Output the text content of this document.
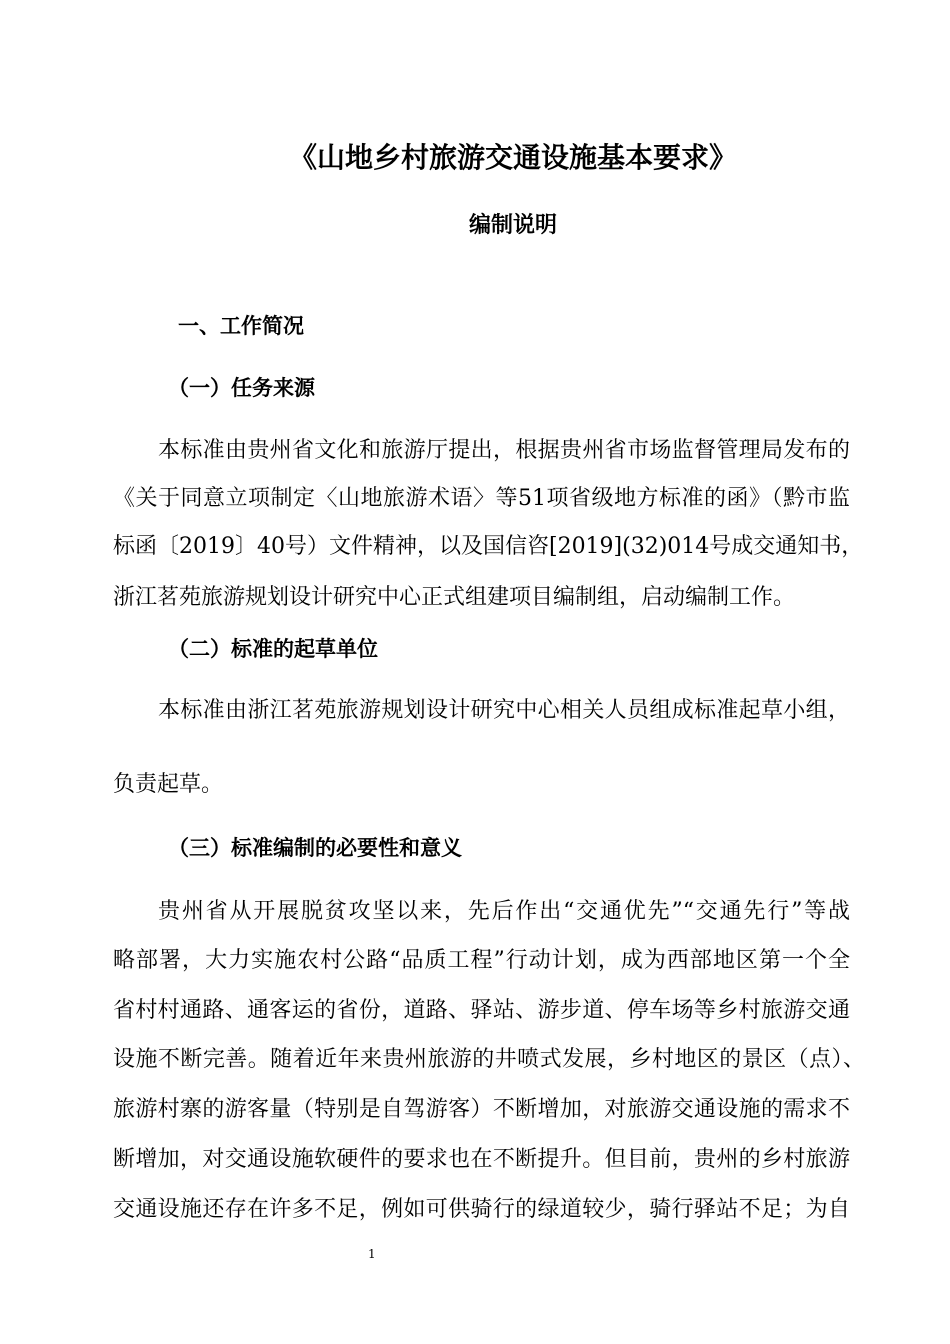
《山地乡村旅游交通设施基本要求》
编制说明
一、工作简况
（一）任务来源
本标准由贵州省文化和旅游厅提出，根据贵州省市场监督管理局发布的
《关于同意立项制定〈山地旅游术语〉等51项省级地方标准的函》（黔市监
标函〔2019〕40号）文件精神，以及国信咨[2019](32)014号成交通知书，
浙江茗苑旅游规划设计研究中心正式组建项目编制组，启动编制工作。
（二）标准的起草单位
本标准由浙江茗苑旅游规划设计研究中心相关人员组成标准起草小组，
负责起草。
（三）标准编制的必要性和意义
贵州省从开展脱贫攻坚以来，先后作出“交通优先”“交通先行”等战
略部署，大力实施农村公路“品质工程”行动计划，成为西部地区第一个全
省村村通路、通客运的省份，道路、驿站、游步道、停车场等乡村旅游交通
设施不断完善。随着近年来贵州旅游的井喷式发展，乡村地区的景区（点）、
旅游村寨的游客量（特别是自驾游客）不断增加，对旅游交通设施的需求不
断增加，对交通设施软硬件的要求也在不断提升。但目前，贵州的乡村旅游
交通设施还存在许多不足，例如可供骑行的绿道较少，骑行驿站不足；为自
1
